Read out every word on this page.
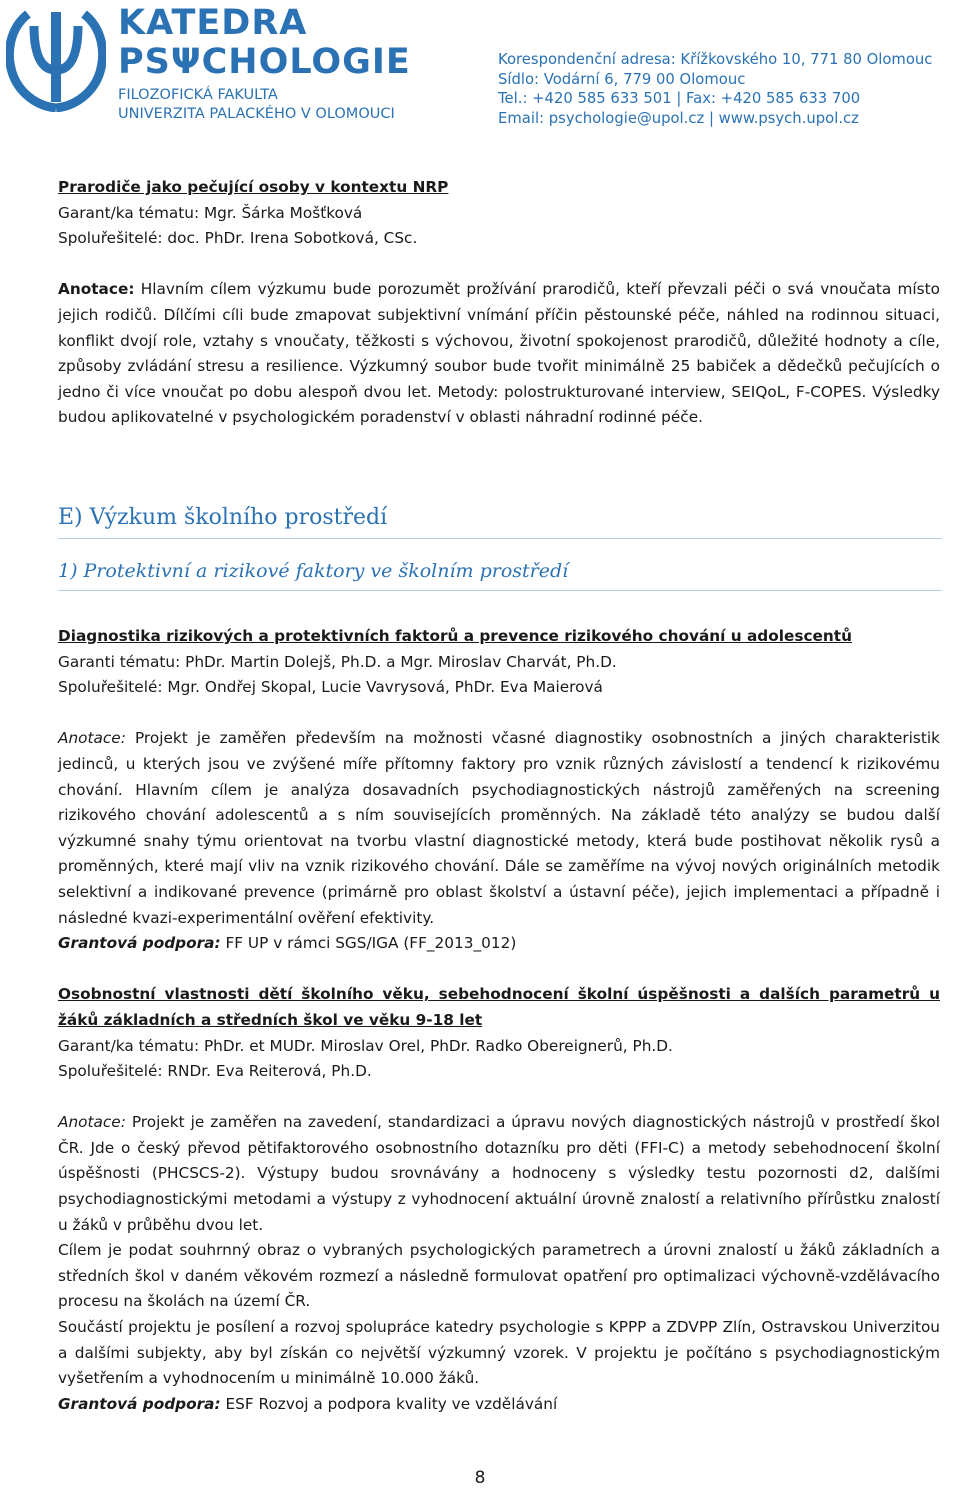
KATEDRA
PSΨCHOLOGIE
FILOZOFICKÁ FAKULTA
UNIVERZITA PALACKÉHO V OLOMOUCI
Korespondenční adresa: Křížkovského 10, 771 80 Olomouc
Sídlo: Vodární 6, 779 00 Olomouc
Tel.: +420 585 633 501 | Fax: +420 585 633 700
Email: psychologie@upol.cz | www.psych.upol.cz

Prarodiče jako pečující osoby v kontextu NRP

Garant/ka tématu: Mgr. Šárka Mošťková

Spoluřešitelé: doc. PhDr. Irena Sobotková, CSc.

Anotace: Hlavním cílem výzkumu bude porozumět prožívání prarodičů, kteří převzali péči o svá vnoučata místo jejich rodičů. Dílčími cíli bude zmapovat subjektivní vnímání příčin pěstounské péče, náhled na rodinnou situaci, konflikt dvojí role, vztahy s vnoučaty, těžkosti s výchovou, životní spokojenost prarodičů, důležité hodnoty a cíle, způsoby zvládání stresu a resilience. Výzkumný soubor bude tvořit minimálně 25 babiček a dědečků pečujících o jedno či více vnoučat po dobu alespoň dvou let. Metody: polostrukturované interview, SEIQoL, F-COPES. Výsledky budou aplikovatelné v psychologickém poradenství v oblasti náhradní rodinné péče.

E) Výzkum školního prostředí
1) Protektivní a rizikové faktory ve školním prostředí

Diagnostika rizikových a protektivních faktorů a prevence rizikového chování u adolescentů

Garanti tématu: PhDr. Martin Dolejš, Ph.D. a Mgr. Miroslav Charvát, Ph.D.

Spoluřešitelé: Mgr. Ondřej Skopal, Lucie Vavrysová, PhDr. Eva Maierová

Anotace: Projekt je zaměřen především na možnosti včasné diagnostiky osobnostních a jiných charakteristik jedinců, u kterých jsou ve zvýšené míře přítomny faktory pro vznik různých závislostí a tendencí k rizikovému chování. Hlavním cílem je analýza dosavadních psychodiagnostických nástrojů zaměřených na screening rizikového chování adolescentů a s ním souvisejících proměnných. Na základě této analýzy se budou další výzkumné snahy týmu orientovat na tvorbu vlastní diagnostické metody, která bude postihovat několik rysů a proměnných, které mají vliv na vznik rizikového chování. Dále se zaměříme na vývoj nových originálních metodik selektivní a indikované prevence (primárně pro oblast školství a ústavní péče), jejich implementaci a případně i následné kvazi-experimentální ověření efektivity.

Grantová podpora: FF UP v rámci SGS/IGA (FF_2013_012)

Osobnostní vlastnosti dětí školního věku, sebehodnocení školní úspěšnosti a dalších parametrů u žáků základních a středních škol ve věku 9-18 let

Garant/ka tématu: PhDr. et MUDr. Miroslav Orel, PhDr. Radko Obereignerů, Ph.D.

Spoluřešitelé: RNDr. Eva Reiterová, Ph.D.

Anotace: Projekt je zaměřen na zavedení, standardizaci a úpravu nových diagnostických nástrojů v prostředí škol ČR. Jde o český převod pětifaktorového osobnostního dotazníku pro děti (FFI-C) a metody sebehodnocení školní úspěšnosti (PHCSCS-2). Výstupy budou srovnávány a hodnoceny s výsledky testu pozornosti d2, dalšími psychodiagnostickými metodami a výstupy z vyhodnocení aktuální úrovně znalostí a relativního přírůstku znalostí u žáků v průběhu dvou let.

Cílem je podat souhrnný obraz o vybraných psychologických parametrech a úrovni znalostí u žáků základních a středních škol v daném věkovém rozmezí a následně formulovat opatření pro optimalizaci výchovně-vzdělávacího procesu na školách na území ČR.

Součástí projektu je posílení a rozvoj spolupráce katedry psychologie s KPPP a ZDVPP Zlín, Ostravskou Univerzitou a dalšími subjekty, aby byl získán co největší výzkumný vzorek. V projektu je počítáno s psychodiagnostickým vyšetřením a vyhodnocením u minimálně 10.000 žáků.

Grantová podpora: ESF Rozvoj a podpora kvality ve vzdělávání

8
